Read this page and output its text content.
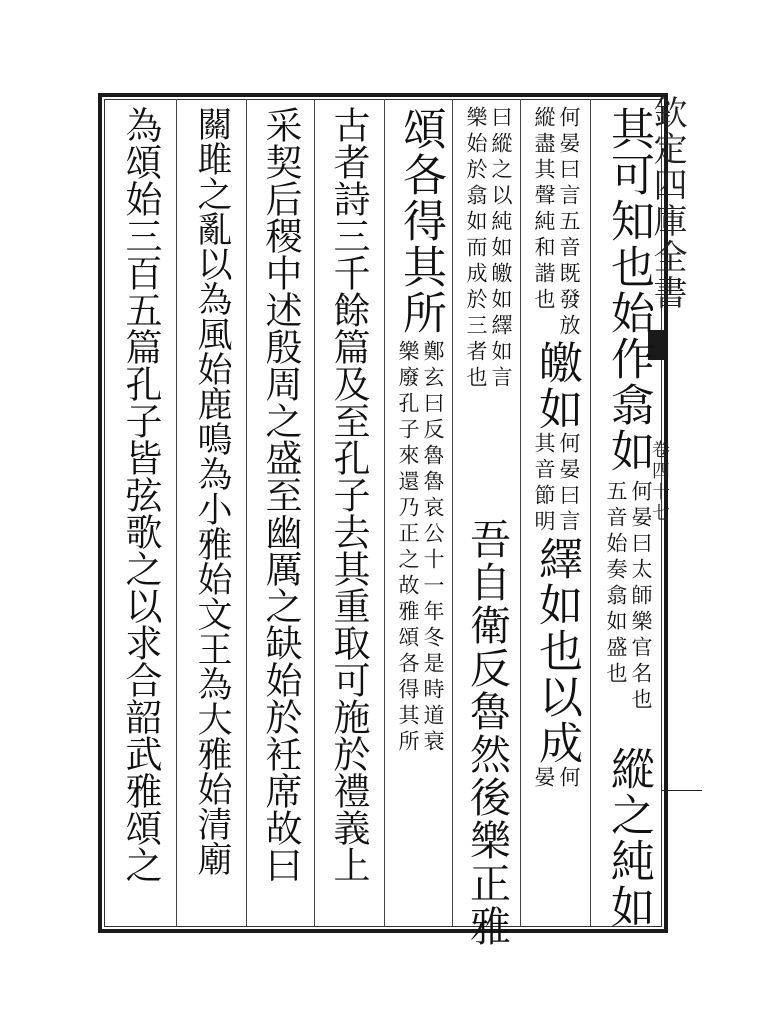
欽定四庫全書
卷四十七
其可知也始作翕如
何晏曰太師樂官名也
五音始奏翕如盛也
縱之純如
何晏曰言五音既發放
縱盡其聲純和諧也
皦如
何晏曰言
其音節明
繹如也以成
何
晏
曰縱之以純如皦如繹如言
樂始於翕如而成於三者也
吾自衛反魯然後樂正雅
頌各得其所
鄭玄曰反魯魯哀公十一年冬是時道衰
樂廢孔子來還乃正之故雅頌各得其所
古者詩三千餘篇及至孔子去其重取可施於禮義上
采契后稷中述殷周之盛至幽厲之缺始於衽席故曰
關雎之亂以為風始鹿鳴為小雅始文王為大雅始清廟
為頌始三百五篇孔子皆弦歌之以求合韶武雅頌之
